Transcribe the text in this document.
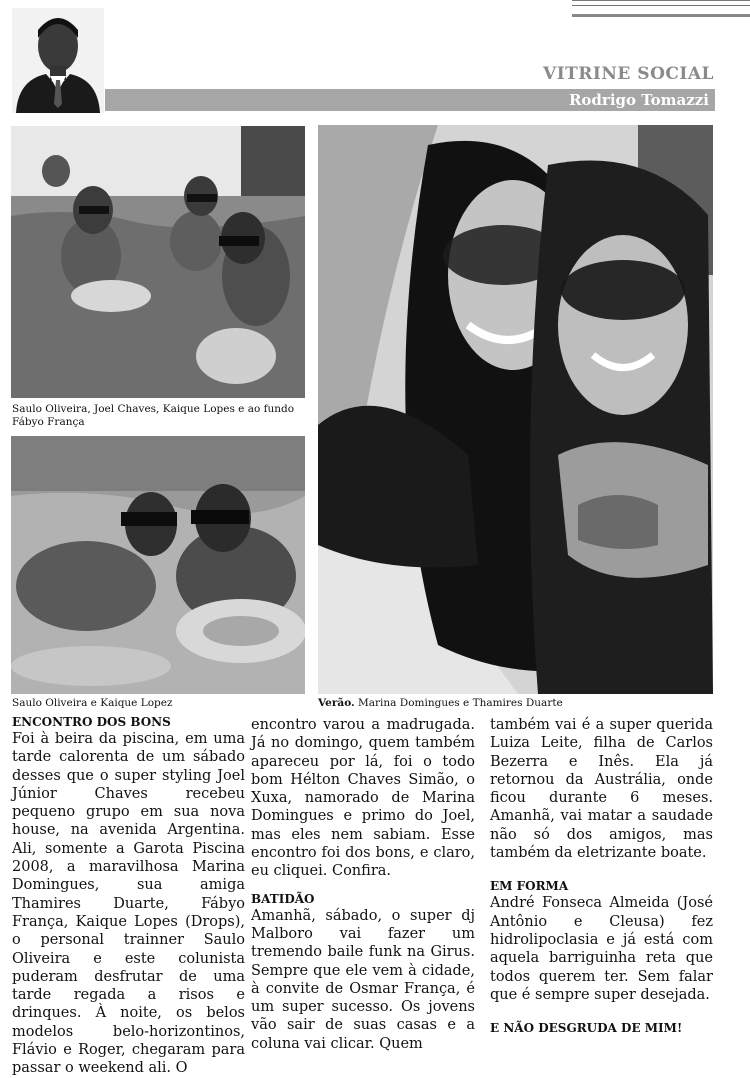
VITRINE SOCIAL
Rodrigo Tomazzi
Saulo Oliveira, Joel Chaves, Kaique Lopes e ao fundo Fábyo França
Saulo Oliveira e Kaique Lopez	Verão. Marina Domingues e Thamires Duarte

ENCONTRO DOS BONS

Foi à beira da piscina, em uma tarde calorenta de um sábado desses que o super styling Joel Júnior Chaves recebeu pequeno grupo em sua nova house, na avenida Argentina. Ali, somente a Garota Piscina 2008, a maravilhosa Marina Domingues, sua amiga Thamires Duarte, Fábyo França, Kaique Lopes (Drops), o personal trainner Saulo Oliveira e este colunista puderam desfrutar de uma tarde regada a risos e drinques. À noite, os belos modelos belo-horizontinos, Flávio e Roger, chegaram para passar o weekend ali. O

encontro varou a madrugada. Já no domingo, quem também apareceu por lá, foi o todo bom Hélton Chaves Simão, o Xuxa, namorado de Marina Domingues e primo do Joel, mas eles nem sabiam. Esse encontro foi dos bons, e claro, eu cliquei. Confira.

BATIDÃO

Amanhã, sábado, o super dj Malboro vai fazer um tremendo baile funk na Girus. Sempre que ele vem à cidade, à convite de Osmar França, é um super sucesso. Os jovens vão sair de suas casas e a coluna vai clicar. Quem

também vai é a super querida Luiza Leite, filha de Carlos Bezerra e Inês. Ela já retornou da Austrália, onde ficou durante 6 meses. Amanhã, vai matar a saudade não só dos amigos, mas também da eletrizante boate.

EM FORMA

André Fonseca Almeida (José Antônio e Cleusa) fez hidrolipoclasia e já está com aquela barriguinha reta que todos querem ter. Sem falar que é sempre super desejada.

E NÃO DESGRUDA DE MIM!
